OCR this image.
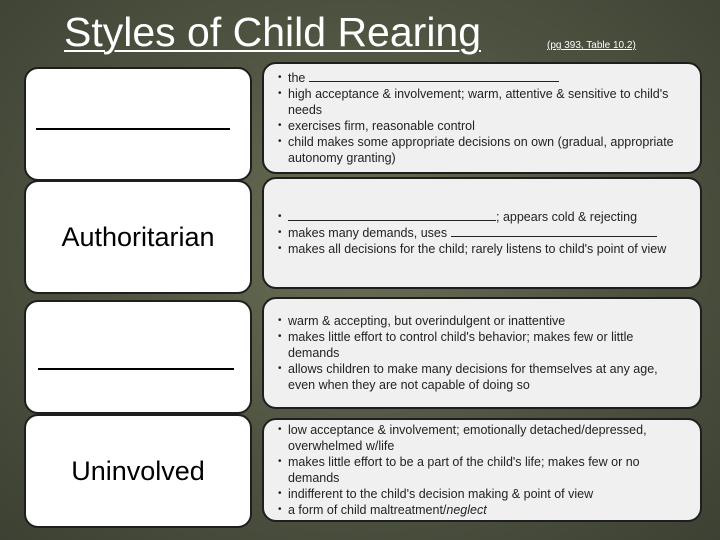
Styles of Child Rearing	(pg 393, Table 10.2)
• the
• high acceptance & involvement; warm, attentive & sensitive to child's needs
• exercises firm, reasonable control
• child makes some appropriate decisions on own (gradual, appropriate autonomy granting)
Authoritarian
• ; appears cold & rejecting
• makes many demands, uses
• makes all decisions for the child; rarely listens to child's point of view
• warm & accepting, but overindulgent or inattentive
• makes little effort to control child's behavior; makes few or little demands
• allows children to make many decisions for themselves at any age, even when they are not capable of doing so
Uninvolved
• low acceptance & involvement; emotionally detached/depressed, overwhelmed w/life
• makes little effort to be a part of the child's life; makes few or no demands
• indifferent to the child's decision making & point of view
• a form of child maltreatment/neglect
